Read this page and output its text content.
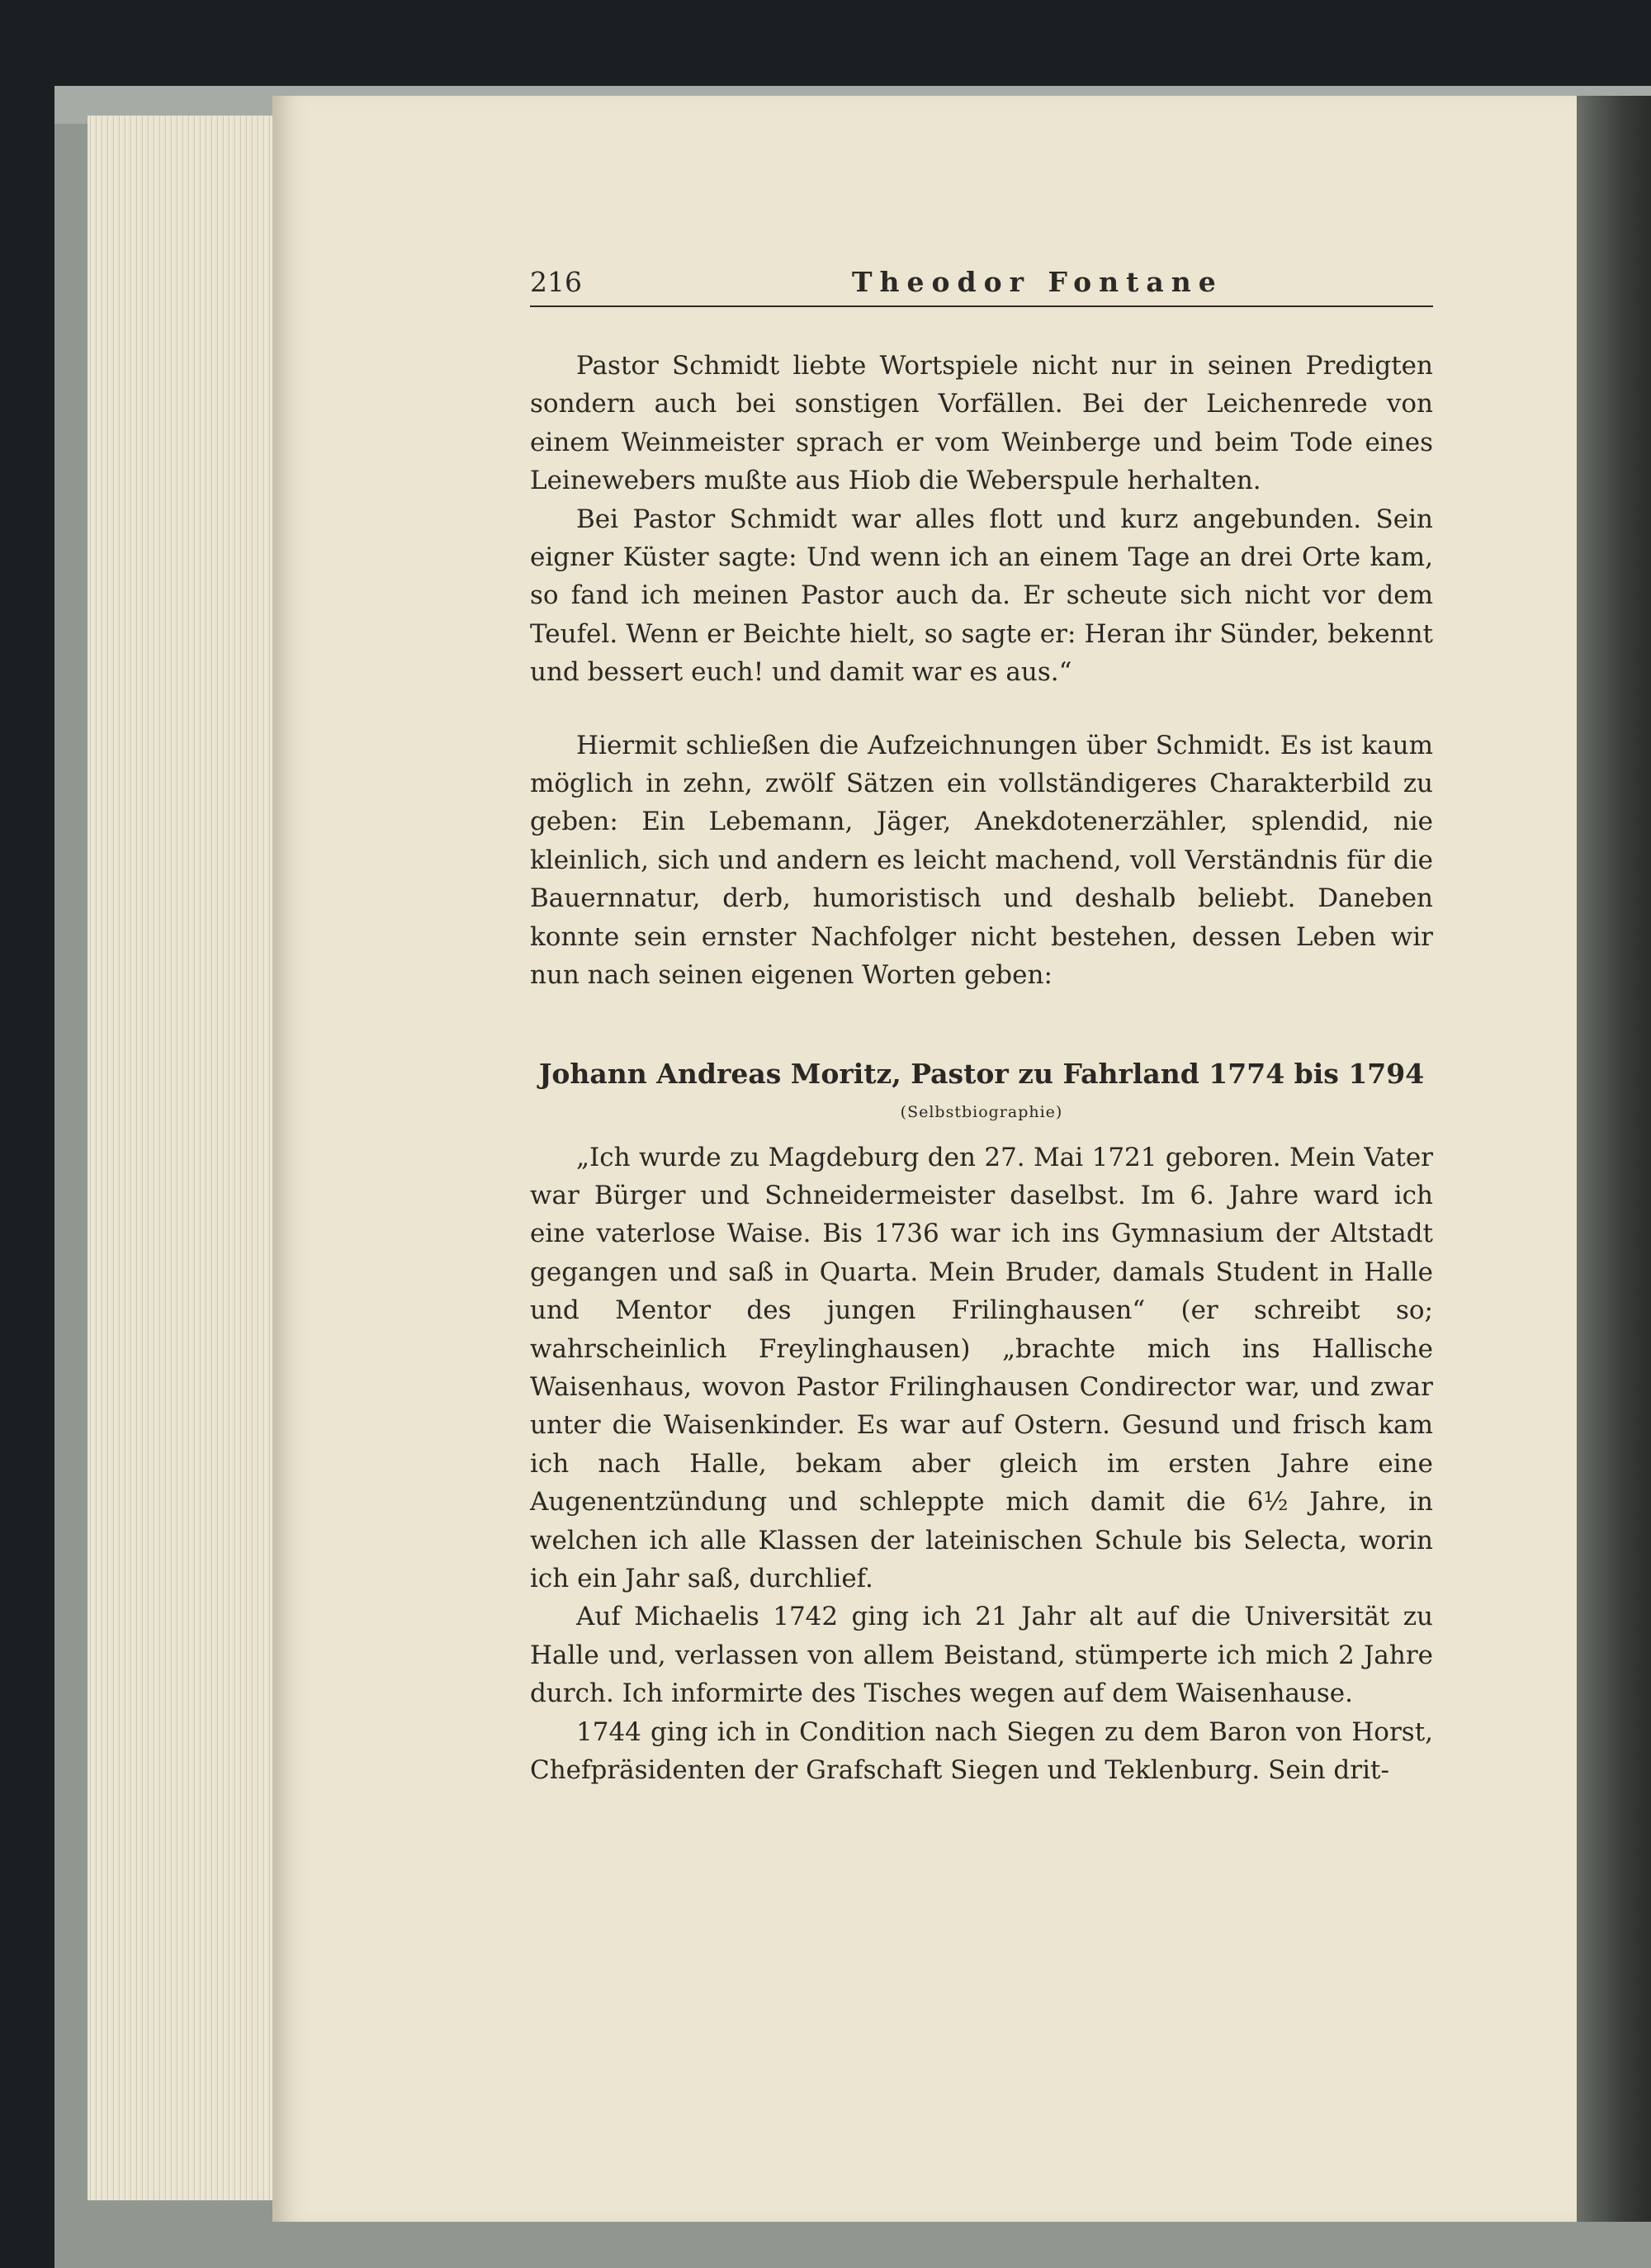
216	Theodor Fontane

Pastor Schmidt liebte Wortspiele nicht nur in seinen Predigten sondern auch bei sonstigen Vorfällen. Bei der Leichenrede von einem Weinmeister sprach er vom Weinberge und beim Tode eines Leinewebers mußte aus Hiob die Weberspule herhalten.

Bei Pastor Schmidt war alles flott und kurz angebunden. Sein eigner Küster sagte: Und wenn ich an einem Tage an drei Orte kam, so fand ich meinen Pastor auch da. Er scheute sich nicht vor dem Teufel. Wenn er Beichte hielt, so sagte er: Heran ihr Sünder, bekennt und bessert euch! und damit war es aus.“

Hiermit schließen die Aufzeichnungen über Schmidt. Es ist kaum möglich in zehn, zwölf Sätzen ein vollständigeres Charakterbild zu geben: Ein Lebemann, Jäger, Anekdotenerzähler, splendid, nie kleinlich, sich und andern es leicht machend, voll Verständnis für die Bauernnatur, derb, humoristisch und deshalb beliebt. Daneben konnte sein ernster Nachfolger nicht bestehen, dessen Leben wir nun nach seinen eigenen Worten geben:

Johann Andreas Moritz, Pastor zu Fahrland 1774 bis 1794

(Selbstbiographie)

„Ich wurde zu Magdeburg den 27. Mai 1721 geboren. Mein Vater war Bürger und Schneidermeister daselbst. Im 6. Jahre ward ich eine vaterlose Waise. Bis 1736 war ich ins Gymnasium der Altstadt gegangen und saß in Quarta. Mein Bruder, damals Student in Halle und Mentor des jungen Frilinghausen“ (er schreibt so; wahrscheinlich Freylinghausen) „brachte mich ins Hallische Waisenhaus, wovon Pastor Frilinghausen Condirector war, und zwar unter die Waisenkinder. Es war auf Ostern. Gesund und frisch kam ich nach Halle, bekam aber gleich im ersten Jahre eine Augenentzündung und schleppte mich damit die 6½ Jahre, in welchen ich alle Klassen der lateinischen Schule bis Selecta, worin ich ein Jahr saß, durchlief.

Auf Michaelis 1742 ging ich 21 Jahr alt auf die Universität zu Halle und, verlassen von allem Beistand, stümperte ich mich 2 Jahre durch. Ich informirte des Tisches wegen auf dem Waisenhause.

1744 ging ich in Condition nach Siegen zu dem Baron von Horst, Chefpräsidenten der Grafschaft Siegen und Teklenburg. Sein drit-
